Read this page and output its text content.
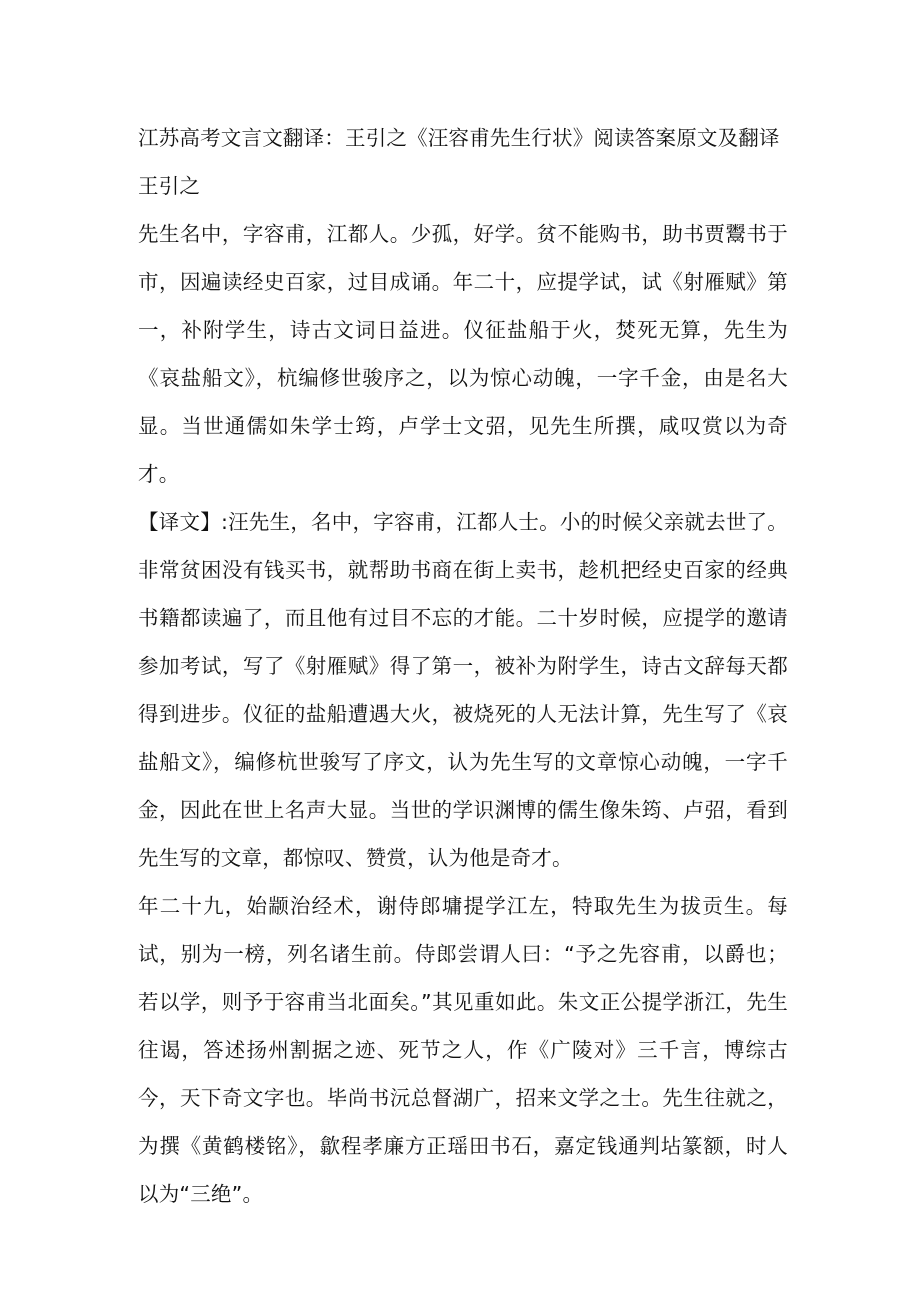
江苏高考文言文翻译：王引之《汪容甫先生行状》阅读答案原文及翻译

王引之

先生名中，字容甫，江都人。少孤，好学。贫不能购书，助书贾鬻书于市，因遍读经史百家，过目成诵。年二十，应提学试，试《射雁赋》第一，补附学生，诗古文词日益进。仪征盐船于火，焚死无算，先生为《哀盐船文》，杭编修世骏序之，以为惊心动魄，一字千金，由是名大显。当世通儒如朱学士筠，卢学士文弨，见先生所撰，咸叹赏以为奇才。

【译文】:汪先生，名中，字容甫，江都人士。小的时候父亲就去世了。非常贫困没有钱买书，就帮助书商在街上卖书，趁机把经史百家的经典书籍都读遍了，而且他有过目不忘的才能。二十岁时候，应提学的邀请参加考试，写了《射雁赋》得了第一，被补为附学生，诗古文辞每天都得到进步。仪征的盐船遭遇大火，被烧死的人无法计算，先生写了《哀盐船文》，编修杭世骏写了序文，认为先生写的文章惊心动魄，一字千金，因此在世上名声大显。当世的学识渊博的儒生像朱筠、卢弨，看到先生写的文章，都惊叹、赞赏，认为他是奇才。

年二十九，始颛治经术，谢侍郎墉提学江左，特取先生为拔贡生。每试，别为一榜，列名诸生前。侍郎尝谓人曰：“予之先容甫，以爵也；若以学，则予于容甫当北面矣。”其见重如此。朱文正公提学浙江，先生往谒，答述扬州割据之迹、死节之人，作《广陵对》三千言，博综古今，天下奇文字也。毕尚书沅总督湖广，招来文学之士。先生往就之，为撰《黄鹤楼铭》，歙程孝廉方正瑶田书石，嘉定钱通判坫篆额，时人以为“三绝”。
